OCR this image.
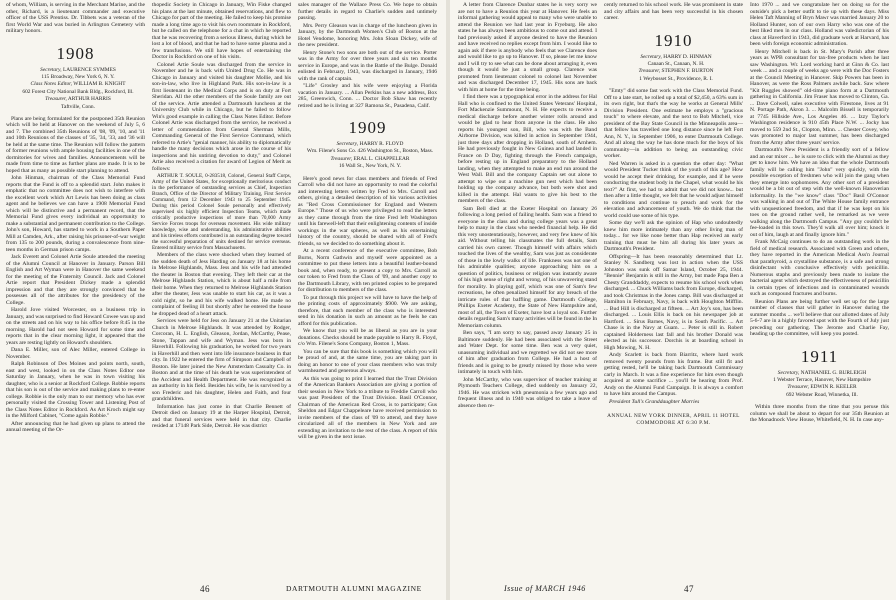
of whom, William, is serving in the Merchant Marine, and the other, Richard, is a lieutenant commander and executive officer of the USS Prentiss. Dr. Tibbets was a veteran of the first World War and was buried in Arlington Cemetery with military honors.

1908

Secretary, LAURENCE SYMMES

115 Broadway, New York 6, N. Y.

Class Notes Editor, WILLIAM B. KNIGHT

602 Forest City National Bank Bldg., Rockford, Ill.

Treasurer, ARTHUR HARRIS

Taftville, Conn.

Plans are being formulated for the postponed 35th Reunion which will be held at Hanover on the weekend of July 5, 6 and 7. The combined 35th Reunions of '08, '09, '10, and '11 and 10th Reunions of the classes of '35, '34, '33, and '36 will be held at the same time. The Reunion will follow the pattern of former reunions with ample housing facilities in one of the dormitories for wives and families. Announcements will be made from time to time as further plans are made. It is to be hoped that as many as possible start planning to attend.

John Hinman, chairman of the Class Memorial Fund reports that the Fund is off to a splendid start. John makes it emphatic that no committee does not wish to interfere with the excellent work which Art Lewis has been doing as class agent and he believes we can have a 1908 Memorial Fund which will be distinctive and a permanent record, that the Memorial Fund gives every individual an opportunity to make a substantial and permanent contribution to the College. John's son, Howard, has started to work in a Southern Paper Mill at Camden, Ark., after raising his prisoner-of-war weight from 135 to 200 pounds, during a convalescence from nine-teen months in German prison camps.

Jack Everett and Colonel Artie Soule attended the meeting of the Alumni Council at Hanover in January. Parson Bill English and Art Wyman were in Hanover the same weekend for the meeting of the Fraternity Council. Jack and Colonel Artie report that President Dickey made a splendid impression and that they are strongly convinced that he possesses all of the attributes for the presidency of the College.

Harold Jove visited Worcester, on a business trip in January, and was surprised to find Howard Cowee was up and on the streets and on his way to his office before 8:45 in the morning. Harold had not seen Howard for some time and reports that in the clear morning light, it appeared that the years are resting lightly on Howard's shoulders.

Dana E. Miller, son of Alec Miller, entered College in November.

Ralph Robinson of Des Moines and points north, south, east and west, looked in on the Class Notes Editor one Saturday in January, when he was in town visiting his daughter, who is a senior at Rockford College. Robbie reports that his son is out of the service and making plans to re-enter college. Robbie is the only man to our memory who has ever personally visited the Crossing Tower and Listening Post of the Class Notes Editor in Rockford. As Art Kroch might say in the Milford Cabinet, "Come again Robbie."

After announcing that he had given up plans to attend the annual meeting of the Or-

thopedic Society in Chicago in January, Win Fiske changed his plans at the last minute, obtained reservations, and flew to Chicago for part of the meeting. He failed to keep his promise made a long time ago to visit his own roommate in Rockford, but he called on the telephone for a chat in which he reported that he was recovering from a serious illness, during which he lost a lot of blood, and that he had to have some plasma and a few transfusions. We still have hopes of entertaining the Doctor in Rockford on one of his visits.

Colonel Artie Soule was discharged from the service in November and he is back with United Drug Co. He was in Chicago in January and visited his daughter Mollie, and his son-in-law, who live in Highland Park. His son-in-law is a first lieutenant in the Medical Corps and is on duty at Fort Sheridan. All the other members of the Soule family are out of the service. Artie attended a Dartmouth luncheon at the University Club while in Chicago, but he failed to follow Win's good example in calling the Class Notes Editor. Before Colonel Artie was discharged from the service, he received a letter of commendation from General Sherman Mills, Commanding General of the First Service Command, which referred to Artie's "genial manner, his ability to diplomatically handle the many decisions which arose in the course of his inspections and his untiring devotion to duty," and Colonel Artie also received a citation for award of Legion of Merit as follows:

ARTHUR T. SOULE, 0-283518, Colonel, General Staff Corps, Army of the United States, for exceptionally meritorious conduct in the performance of outstanding services as Chief, Inspection Branch, Office of the Director of Military Training, First Service Command, from 12 December 1943 to 25 September 1945. During this period Colonel Soule personally and effectively supervised six highly efficient Inspection Teams, which made critically productive inspections of more than 70,000 Army Service Forces troops for overseas movement. His wide military knowledge, wise and understanding, his administrative abilities and his tireless efforts contributed in an outstanding degree toward the successful preparation of units destined for service overseas. Entered military service from Massachusetts.

Members of the class were shocked when they learned of the sudden death of Jess Harding on January 18 at his home in Melrose Highlands, Mass. Jess and his wife had attended the theater in Boston that evening. They left their car at the Melrose Highlands Station, which is about half a mile from their home. When they returned to Melrose Highlands Station after the theater, Jess was unable to start his car, as it was a cold night, so he and his wife walked home. He made no complaint of feeling ill but shortly after he entered the house he dropped dead of a heart attack.

Services were held for Jess on January 21 at the Unitarian Church in Melrose Highlands. It was attended by Rodger, Corcoran, H. L. English, Gleason, Jordan, McCarthy, Pease, Stone, Tappan and wife and Wyman. Jess was born in Haverhill. Following his graduation, he worked for two years in Haverhill and then went into life insurance business in that city. In 1922 he entered the firm of Simpson and Campbell of Boston. He later joined the New Amsterdam Casualty Co. in Boston and at the time of his death he was superintendent of the Accident and Health Department. He was recognized as an authority in his field. Besides his wife, he is survived by a son Frederic and his daughter, Helen and Faith, and four grandchildren.

Information has just come in that Charlie Bennett of Detroit died on January 19 at the Harper Hospital, Detroit, and that funeral services were held in that city. Charlie resided at 17148 Park Side, Detroit. He was district

sales manager of the Wallace Press Co. We hope to obtain further details in regard to Charlie's sudden and untimely passing.

Mrs. Perry Gleason was in charge of the luncheon given in January, by the Dartmouth Women's Club of Boston at the Hotel Vendome, honoring Mrs. John Sloan Dickey, wife of the new president.

Henry Stone's two sons are both out of the service. Porter was in the Army for over three years and six ten months service in Europe, and was in the Battle of the Bulge. Donald enlisted in February, 1943, was discharged in January, 1946 with the rank of captain.

"Life" Grosley and his wife were enjoying a Florida vacation in January. ... Allan Perkins has a new address, Box 285, Greenwich, Conn. ... Doctor Bob Shaw has recently retired and he is living at 327 Ramona St., Pasadena, Calif.

1909

Secretary, HARRY R. FLOYD

Wm. Filene's Sons Co. 426 Washington St., Boston, Mass.

Treasurer, ERAL L. CHAPPELEAR

16 Wall St., New York, N. Y.

Here's good news for class members and friends of Fred Carroll who did not have an opportunity to read the colorful and interesting letters written by Fred to Mrs. Carroll and others, giving a detailed description of his various activities as "Red Cross Commissioner for England and Western Europe." Those of us who were privileged to read the letters as they came through from the time Fred left Washington until his farewell-left that their enlightening contents of inside workings in the war spheres, as well as his entertaining history of the country, should be shared with all of Fred's friends, so we decided to do something about it.

At a recent conference of the executive committee, Bob Burns, Norm Gathwin and myself were appointed as a committee to put these letters into a beautiful leather-bound book and, when ready, to present a copy to Mrs. Carroll as our token to Fred from the Class of '09, and another copy to the Dartmouth Library, with ten printed copies to be prepared for distribution to members of the class.

To put through this project we will have to have the help of the printing costs of approximately $900. We are asking, therefore, that each member of the class who is interested send in his donation in such an amount as he feels he can afford for this publication.

We know that you will be as liberal as you are in your donations. Checks should be made payable to Harry R. Floyd, c/o Wm. Filene's Sons Company, Boston 1, Mass.

You can be sure that this book is something which you will be proud of and, at the same time, you are taking part in doing an honor to one of your class members who was truly warmhearted and generous always.

As this was going to print I learned that the Trust Division of the American Bankers Association are giving a portion of their session in New York to a tribute to Freddie Carroll who was past President of the Trust Division. Basil O'Connor, Chairman of the American Red Cross, is to participate; Gus Sheldon and Edgar Chappeleare have received permission to invite members of the class of '09 to attend, and they have circularized all of the members in New York and are extending an invitation to the rest of the class. A report of this will be given in the next issue.

46	DARTMOUTH ALUMNI MAGAZINE

A letter from Clarence Dunbar states he is very sorry we are not to have a Reunion this year at Hanover. He feels an informal gathering would appeal to many who were unable to attend the Reunion we had last year in Fryeburg. He also states he has always been ambitious to come out and attend. I had previously asked if anyone desired to have the Reunion and have received no replies except from him. I would like to again ask if there is anybody who feels that we Clarence does and would like to go up to Hanover. If so, please let me know and I will try to see what can be done about arranging it, even though it would be just a small group. Clarence was promoted from lieutenant colonel to colonel last November and was discharged December 17, 1945. His sons are back with him at home for the time being.

I find there was a typographical error in the address for Hal Hall who is confined to the United States Veterans' Hospital, Fort Mackenzie Summount, N. H. He expects to receive a medical discharge before another winter rolls around and would be glad to hear from anyone in the class. He also reports his youngest son, Bill, who was with the Band Airborne Division, was killed in action in September 1944, just three days after dropping in Holland, south of Arnhem. He had previously fought in New Guinea and had landed in France on D Day, fighting through the French campaign, before resting up in England preparatory to the Holland landing, when they attempted to make an end run around the West Wall. Bill and the company Captain set out alone to attempt to wipe out a machine gun nest which had been holding up the company advance, but both were shot and killed in the attempt. Hal wants to give his best to the members of the class.

Sam Bell died at the Exeter Hospital on January 26 following a long period of failing health. Sam was a friend to everyone in the class and during college years was a great help to many in the class who needed financial help. He did this very unostentatiously, however, and very few knew of his aid. Without telling his classmates the full details, Sam carried his own career. Though himself with affairs which touched the lives of the wealthy, Sam was just as considerate of those in the lowly walks of life. Frankness was not one of his admirable qualities; anyone approaching him on a question of politics, business or religion was instantly aware of his high sense of right and wrong, of his unwavering stand for morality. In playing golf, which was one of Sam's few recreations, he often penalized himself for any breach of the intricate rules of that baffling game. Dartmouth College, Phillips Exeter Academy, the State of New Hampshire and, most of all, the Town of Exeter, have lost a loyal son. Further details regarding Sam's many activities will be found in the In Memoriam column.

Ben says, "I am sorry to say, passed away January 25 in Baltimore suddenly. He had been associated with the Street and Water Dept. for some time. Ben was a very quiet, unassuming individual and we regretted we did not see more of him after graduation from College. He had a host of friends and is going to be greatly missed by those who were intimately in touch with him.

John McCarthy, who was supervisor of teacher training at Plymouth Teachers College, died suddenly on January 22, 1946. He was stricken with pneumonia a few years ago and frequent illness and in 1940 was obliged to take a leave of absence then re-

cently returned to his school work. He was prominent in state and city affairs and has been very successful in his chosen career.

1910

Secretary, HARRY D. HINMAN

Canaan St., Canaan, N. H.

Treasurer, STEPHEN F. BURTON

1 Weybosset St., Providence, R. I.

"Emty" did some fast work with the Class Memorial Fund. Off to a late start, he rolled up a total of $2,450, a 63% sum in its own right, but that's the way he works at General Mills' Division President. One estimate he employs a "gracious touch" to where elevate, and the next to Bob Mitchell, vice president of the Bay State Council in the Minneapolis area—that fellow has travelled one long distance since he left Fort Ann, N. Y., in September 1906, to enter Dartmouth College. And all along the way he has done much for the boys of his community—in addition to being an outstanding civic worker.

Ned Warren is asked in a question the other day: "What would President Tucker think of the youth of this age? How would he accept their drinking, for example, and if he were conducting the student body in the Chapel, what would he his text?" At first, we had to admit that we did not know... but then after a little thought, we felt that he would adjust himself to conditions and continue to preach and work for the elevation and advancement of youth. We do think that the world could use some of his type.

Some day we'll ask the opinion of Hap who undoubtedly knew him more intimately than any other living man of today... for we like none better than Hap received an early training that must be him all during his later years as Dartmouth's President.

Offspring—It has been reasonably determined that Lt. Stanley N. Sandberg was lost in action when the USS Johnston was sunk off Samar Island, October 25, 1944. "Bennie" Benjamin is still in the Army, but made Papa Ben a Chesty Granddaddy, expects to resume his school work when discharged. ... Chuck Williams back from Europe, discharged, and took Christmas in the Jones camp. Bill was discharged at Hamilton in February, Navy, is back with Houghton Mifflin. ... Bud Hill is discharged at fifteen. ... Art Joy's son, has been discharged. ... Louis Ellis is back on his newspaper job at Hartford. ... Sirus Barnes, Navy, is in South Pacific. ... Art Chase is in the Navy at Guam. ... Peter is still in. Robert captained Holderness last fall and his brother Donald was elected as his successor. Dorchis is at boarding school in High Mowing, N. H.

Andy Scarlett is back from Biarritz, where hard work removed twenty pounds from his frame. But still fit and getting rested, he'll be taking back Dartmouth Commissary carly in March. It was a fine experience for him even though acquired at some sacrifice ... you'll be hearing from Prof. Andy on the Alumni Fund Campaign. It is always a comfort to have him around the Campus.

President Tull's Granddaughter Marries

ANNUAL NEW YORK DINNER, APRIL 11 HOTEL COMMODORE AT 6:30 P.M.

Into 1970 ... and we congratulate her on doing so for the outside's pick a better outfit to tie up with these days. Miss Helen Taft Manning of Bryn Mawr was married January 20 to Holland Hunter, son of our own Harry who was one of the best liked men in our class. Holland was valedictorian of his class at Haverford in 1943, did graduate work at Harvard, has been with foreign economic administration.

Henry Mitchell is back in St. Mary's Parish after three years as WPB consultant for tax-free products when he last saw Washington. Wr. Lord working hard at Ginn & Co. last week ... and a couple of weeks ago were with the Doc Fosters at the Council Meeting in Hanover. Skip Powers has been in Hanover, as were the Ross Palmers awhile back. Saw where "Kit Ruggles showed" old-time piano form at a Dartmouth gathering in California. Jim Fraser has moved to Clinton, Ga. ... Dave Colwell, sales executive with Firestone, lives at 91 N. Portage Path, Akron 3. ... Malcolm Bissell is temporarily at 7745 Hillside Ave., Los Angeles 46. ... Izzy Taylor's Washington residence is 910 45th Place N.W. ... Jocky has moved to 559 2nd St., Clopton, Minn. ... Chester Covey, who was promoted to major last summer, has been discharged from the Army after three years' service.

Dartmouth's New President is a friendly sort of a fellow and an ear mixer ... he is sure to click with the Alumni as they get to know him. We have an idea that the whole Dartmouth family will be calling him "John" very quickly, with the possible exception of freshmen who will join the gang when they emerge into sophomores. Any other sort of a president would be a bit out of step with the well-known Hanoverian informality. In the "we know" class "Doc" Basil O'Connor was walking in and out of The White House family entrance with unquestioned freedom, and that if he was kept on his toes on the ground rather well, he remarked as we were walking along the Dartmouth Campus. "Any guy couldn't be fee-loaded in this town. They'd walk all over him; knock it out of him, laugh at and finally ignore him."

Frank McCaig continues to do an outstanding work in the field of medical research. Associated with Green and others, they have reported in the American Medical Ass'n Journal that parathyroid, a crystalline substance, is a safe and strong disinfectant with conclusive effectively with penicillin. Numerous staphs and previously been made to isolate the bacterial agent which destroyed the effectiveness of penicillin in certain types of infections and in contaminated wounds such as compound fractures and burns.

Reunion Plans are being further well set up for the large number of classes that will gather in Hanover during the summer months ... we'll believe that our allotted dates of July 5-6-7 are in a highly favored spot with the Fourth of July just preceding our gathering. The Jerome and Charlie Fay, heading up the committee, will keep you posted.

1911

Secretary, NATHANIEL G. BURLEIGH

1 Webster Terrace, Hanover, New Hampshire

Treasurer, EDWIN R. KEELER

692 Webster Road, Winnetka, Ill.

Within three months from the time that you peruse this column we shall be about to depart for our 35th Reunion at the Monadnock View House, Whitefield, N. H. In case any-

Issue of MARCH 1946	47
